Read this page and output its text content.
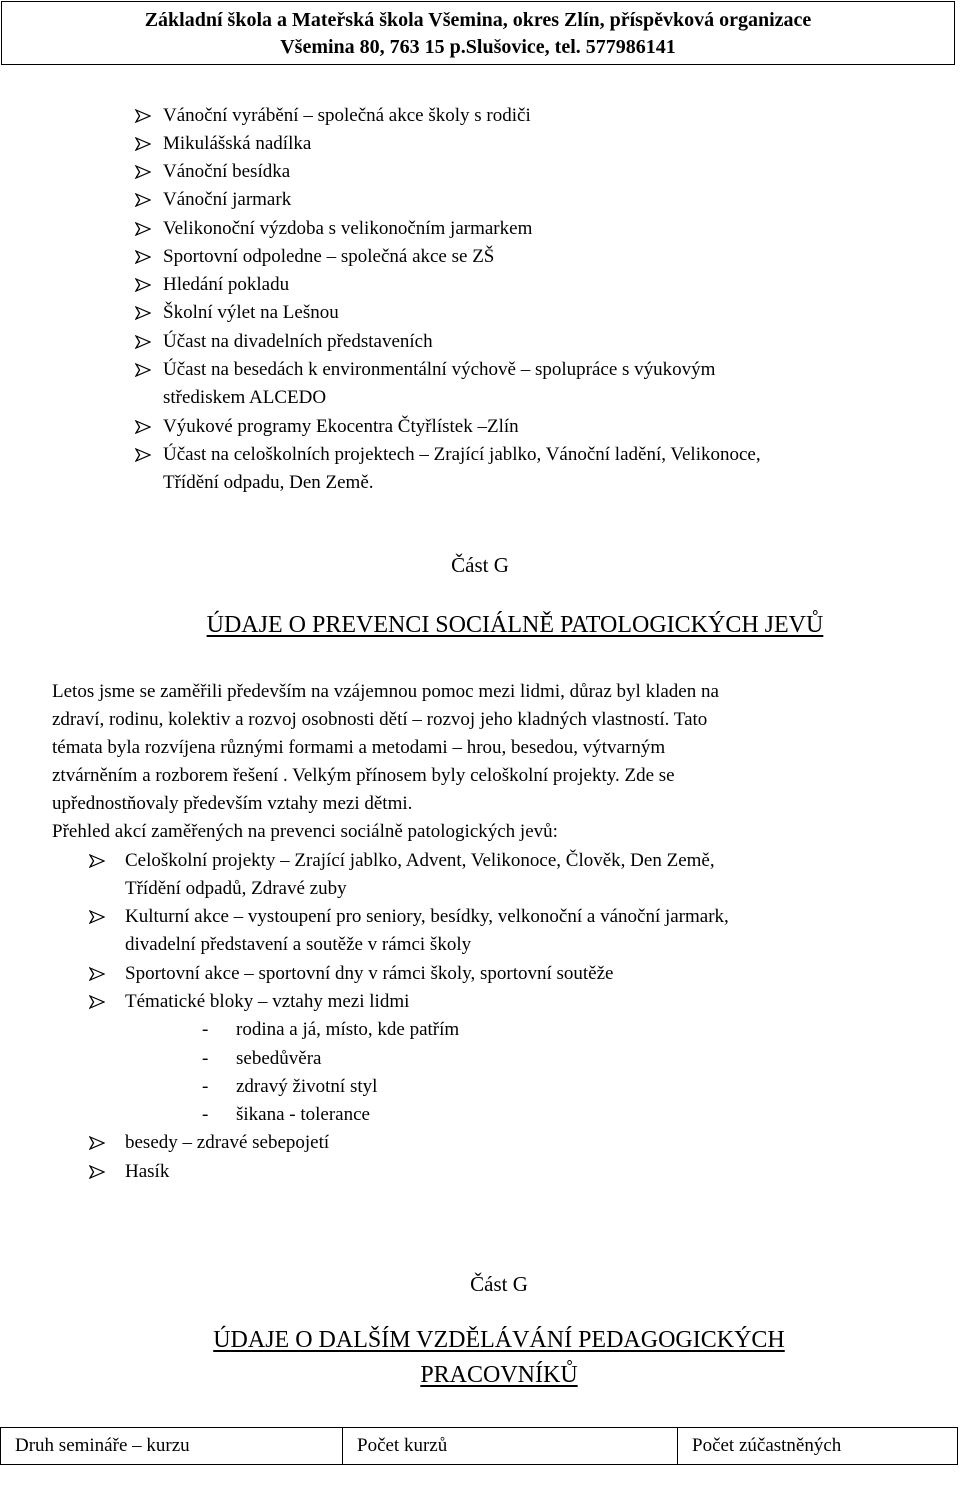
Základní škola a Mateřská škola Všemina, okres Zlín, příspěvková organizace
Všemina 80, 763 15 p.Slušovice, tel. 577986141
Vánoční vyrábění – společná akce školy s rodiči
Mikulášská nadílka
Vánoční besídka
Vánoční jarmark
Velikonoční výzdoba s velikonočním jarmarkem
Sportovní odpoledne – společná akce se ZŠ
Hledání pokladu
Školní výlet na Lešnou
Účast na divadelních představeních
Účast na besedách k environmentální výchově – spolupráce s výukovým
střediskem ALCEDO
Výukové programy Ekocentra Čtyřlístek –Zlín
Účast na celoškolních projektech – Zrající jablko, Vánoční ladění, Velikonoce,
Třídění odpadu, Den Země.
Část G
ÚDAJE O PREVENCI SOCIÁLNĚ PATOLOGICKÝCH JEVŮ
Letos jsme se zaměřili především na vzájemnou pomoc mezi lidmi, důraz byl kladen na
zdraví, rodinu, kolektiv a rozvoj osobnosti dětí – rozvoj jeho kladných vlastností. Tato
témata byla rozvíjena různými formami a metodami – hrou, besedou, výtvarným
ztvárněním a rozborem řešení . Velkým přínosem byly celoškolní projekty. Zde se
upřednostňovaly především vztahy mezi dětmi.
Přehled akcí zaměřených na prevenci sociálně patologických jevů:
Celoškolní projekty – Zrající jablko, Advent, Velikonoce, Člověk, Den Země,
Třídění odpadů, Zdravé zuby
Kulturní akce – vystoupení pro seniory, besídky, velkonoční a vánoční jarmark,
divadelní představení a soutěže v rámci školy
Sportovní akce – sportovní dny v rámci školy, sportovní soutěže
Tématické bloky – vztahy mezi lidmi
- rodina a já, místo, kde patřím
- sebedůvěra
- zdravý životní styl
- šikana - tolerance
besedy – zdravé sebepojetí
Hasík
Část G
ÚDAJE O DALŠÍM VZDĚLÁVÁNÍ PEDAGOGICKÝCH
PRACOVNÍKŮ
Druh semináře – kurzu	Počet kurzů	Počet zúčastněných
